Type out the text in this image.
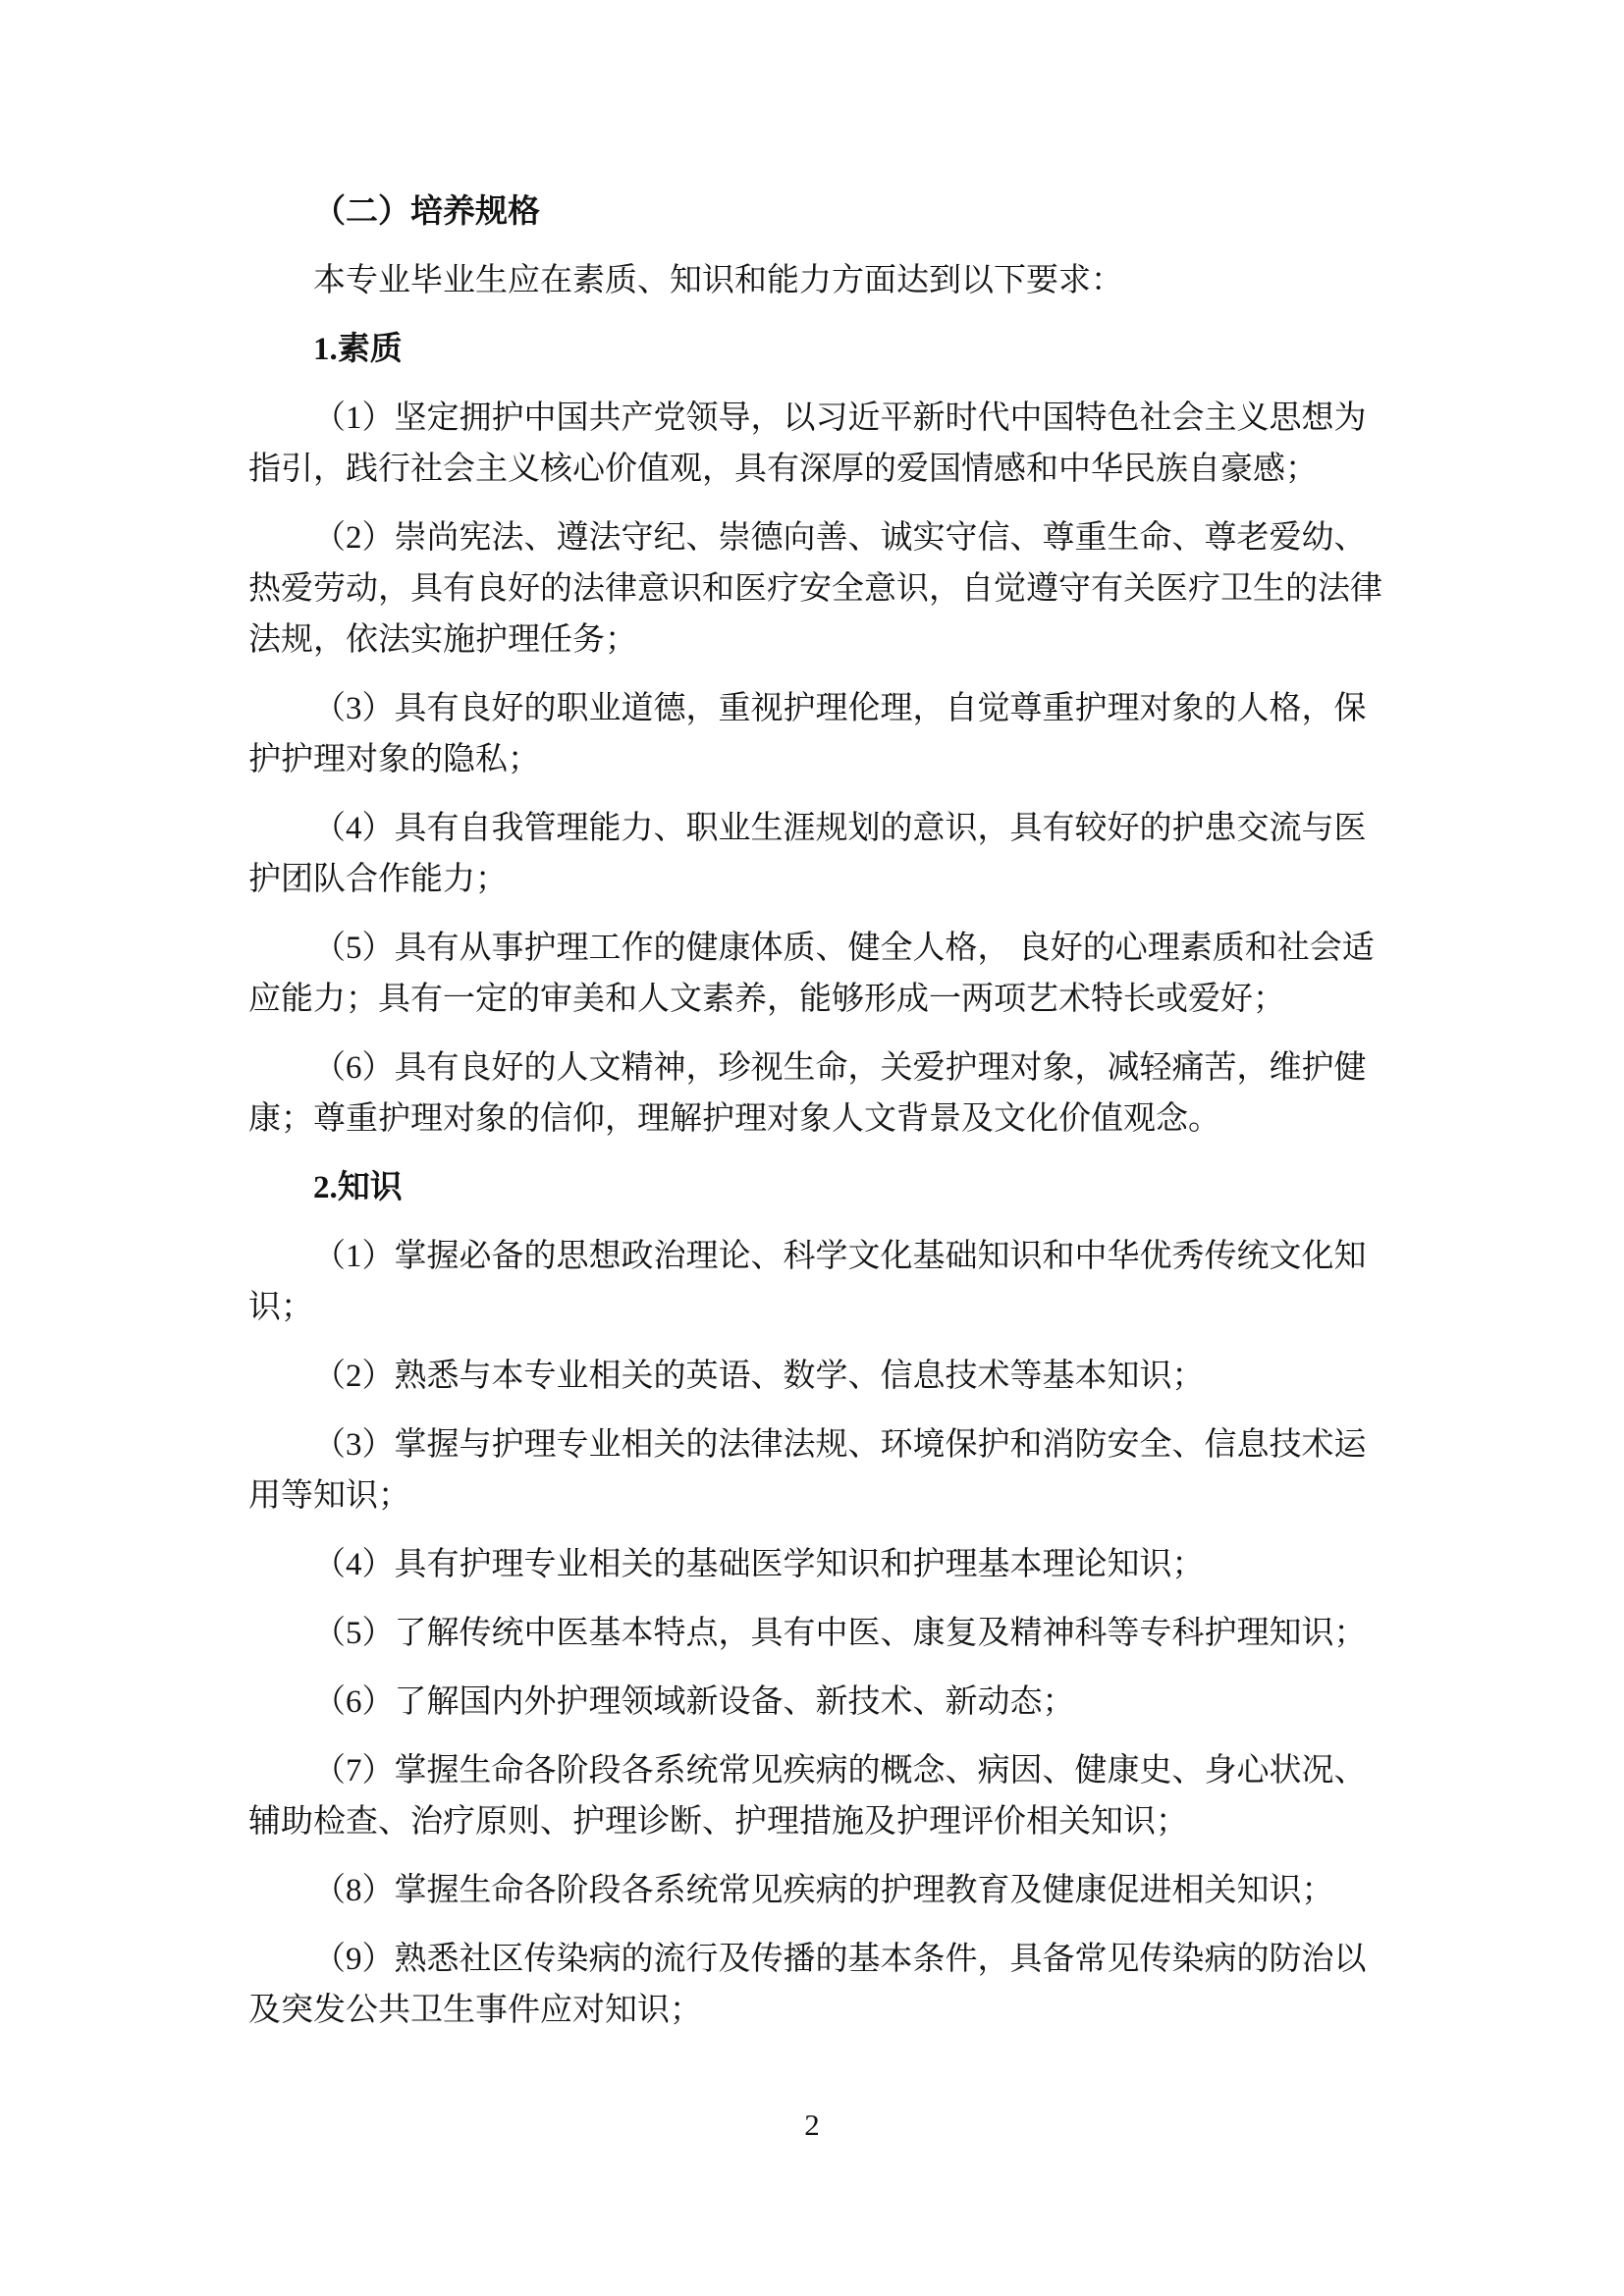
（二）培养规格
本专业毕业生应在素质、知识和能力方面达到以下要求：
1.素质
（1）坚定拥护中国共产党领导，以习近平新时代中国特色社会主义思想为
指引，践行社会主义核心价值观，具有深厚的爱国情感和中华民族自豪感；
（2）崇尚宪法、遵法守纪、崇德向善、诚实守信、尊重生命、尊老爱幼、
热爱劳动，具有良好的法律意识和医疗安全意识，自觉遵守有关医疗卫生的法律
法规，依法实施护理任务；
（3）具有良好的职业道德，重视护理伦理，自觉尊重护理对象的人格，保
护护理对象的隐私；
（4）具有自我管理能力、职业生涯规划的意识，具有较好的护患交流与医
护团队合作能力；
（5）具有从事护理工作的健康体质、健全人格， 良好的心理素质和社会适
应能力；具有一定的审美和人文素养，能够形成一两项艺术特长或爱好；
（6）具有良好的人文精神，珍视生命，关爱护理对象，减轻痛苦，维护健
康；尊重护理对象的信仰，理解护理对象人文背景及文化价值观念。
2.知识
（1）掌握必备的思想政治理论、科学文化基础知识和中华优秀传统文化知
识；
（2）熟悉与本专业相关的英语、数学、信息技术等基本知识；
（3）掌握与护理专业相关的法律法规、环境保护和消防安全、信息技术运
用等知识；
（4）具有护理专业相关的基础医学知识和护理基本理论知识；
（5）了解传统中医基本特点，具有中医、康复及精神科等专科护理知识；
（6）了解国内外护理领域新设备、新技术、新动态；
（7）掌握生命各阶段各系统常见疾病的概念、病因、健康史、身心状况、
辅助检查、治疗原则、护理诊断、护理措施及护理评价相关知识；
（8）掌握生命各阶段各系统常见疾病的护理教育及健康促进相关知识；
（9）熟悉社区传染病的流行及传播的基本条件，具备常见传染病的防治以
及突发公共卫生事件应对知识；
2
